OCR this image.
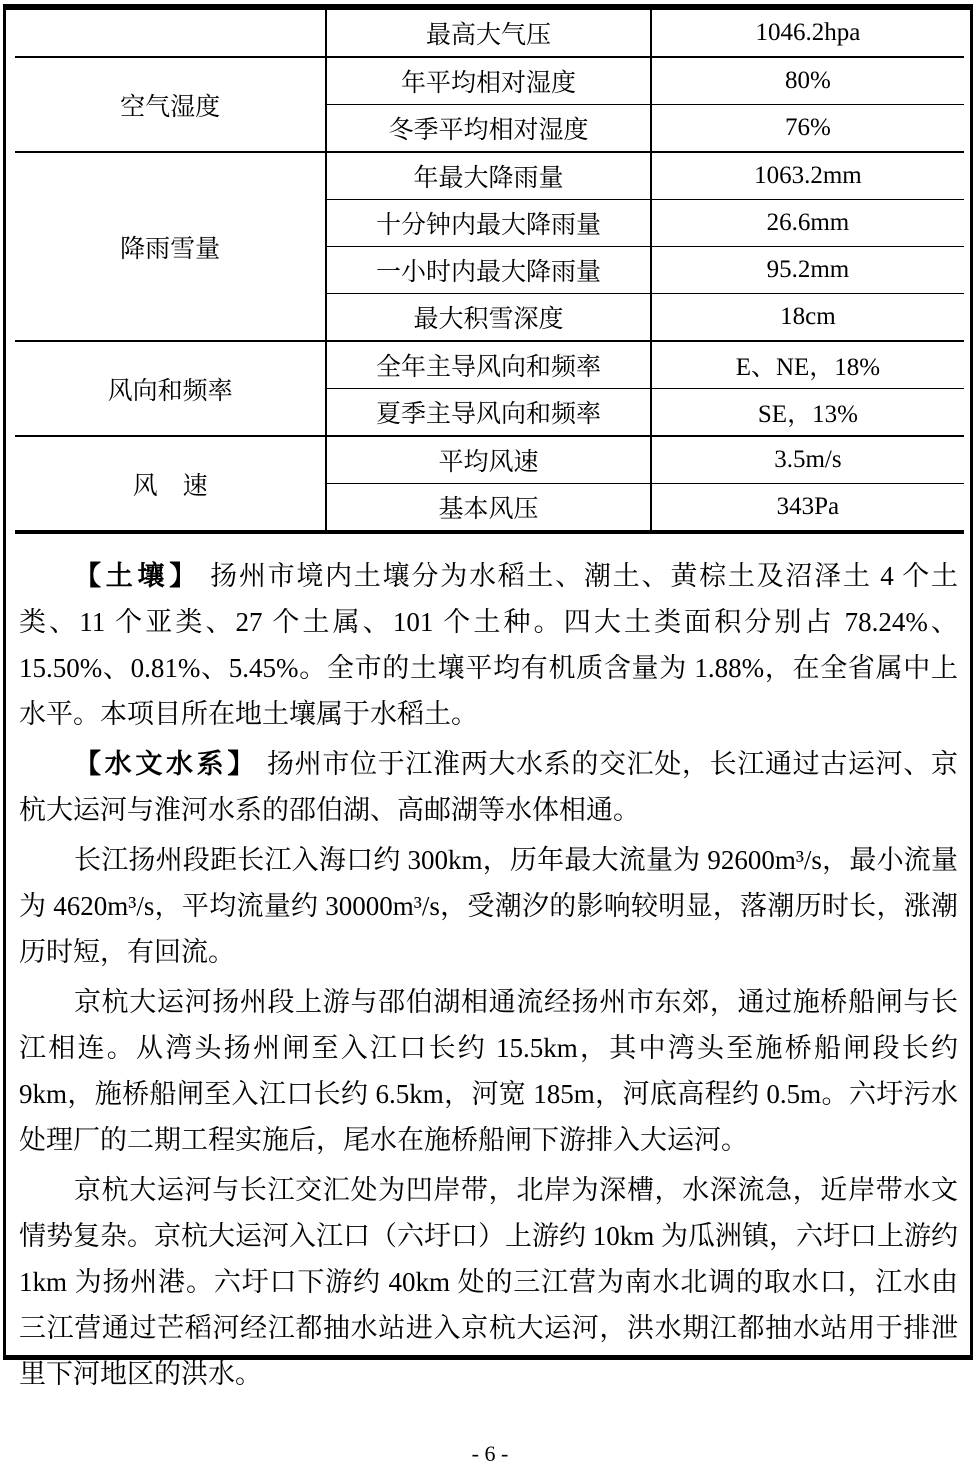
	最高大气压	1046.2hpa
空气湿度	年平均相对湿度	80%
	冬季平均相对湿度	76%
降雨雪量	年最大降雨量	1063.2mm
	十分钟内最大降雨量	26.6mm
	一小时内最大降雨量	95.2mm
	最大积雪深度	18cm
风向和频率	全年主导风向和频率	E、NE，18%
	夏季主导风向和频率	SE，13%
风　速	平均风速	3.5m/s
	基本风压	343Pa

【土壤】 扬州市境内土壤分为水稻土、潮土、黄棕土及沼泽土 4 个土类、11 个亚类、27 个土属、101 个土种。四大土类面积分别占 78.24%、15.50%、0.81%、5.45%。全市的土壤平均有机质含量为 1.88%，在全省属中上水平。本项目所在地土壤属于水稻土。

【水文水系】 扬州市位于江淮两大水系的交汇处，长江通过古运河、京杭大运河与淮河水系的邵伯湖、高邮湖等水体相通。

长江扬州段距长江入海口约 300km，历年最大流量为 92600m³/s，最小流量为 4620m³/s，平均流量约 30000m³/s，受潮汐的影响较明显，落潮历时长，涨潮历时短，有回流。

京杭大运河扬州段上游与邵伯湖相通流经扬州市东郊，通过施桥船闸与长江相连。从湾头扬州闸至入江口长约 15.5km，其中湾头至施桥船闸段长约 9km，施桥船闸至入江口长约 6.5km，河宽 185m，河底高程约 0.5m。六圩污水处理厂的二期工程实施后，尾水在施桥船闸下游排入大运河。

京杭大运河与长江交汇处为凹岸带，北岸为深槽，水深流急，近岸带水文情势复杂。京杭大运河入江口（六圩口）上游约 10km 为瓜洲镇，六圩口上游约 1km 为扬州港。六圩口下游约 40km 处的三江营为南水北调的取水口，江水由三江营通过芒稻河经江都抽水站进入京杭大运河，洪水期江都抽水站用于排泄里下河地区的洪水。

- 6 -
